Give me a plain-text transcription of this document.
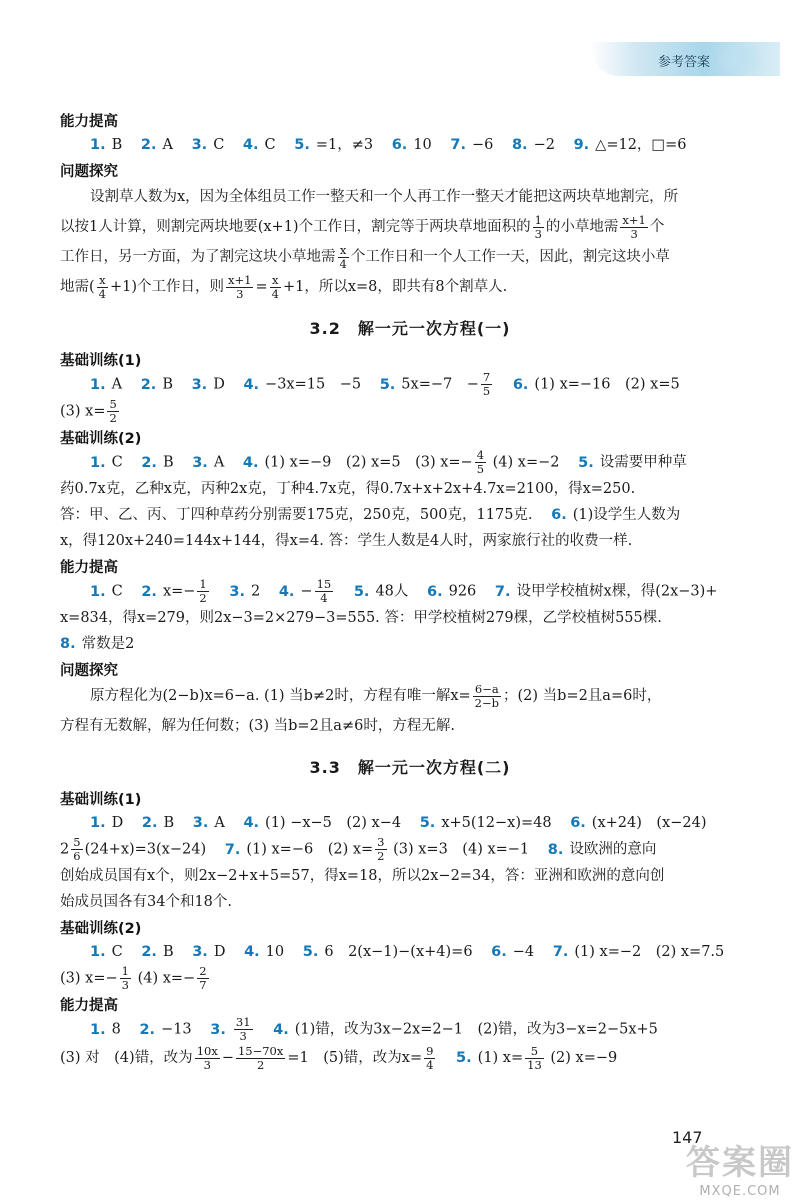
参考答案
能力提高

1. B 2. A 3. C 4. C 5. =1，≠3 6. 10 7. −6 8. −2 9. △=12，□=6

问题探究

设割草人数为x，因为全体组员工作一整天和一个人再工作一整天才能把这两块草地割完，所

以按1人计算，则割完两块地要(x+1)个工作日，割完等于两块草地面积的 $\frac{1}{3}$ 的小草地需 $\frac{x+1}{3}$ 个

工作日，另一方面，为了割完这块小草地需 $\frac{x}{4}$ 个工作日和一个人工作一天，因此，割完这块小草

地需( $\frac{x}{4} +1$)个工作日，则 $\frac{x+1}{3} = \frac{x}{4} +1$，所以x=8，即共有8个割草人.

3.2　解一元一次方程(一)
基础训练(1)

1. A 2. B 3. D 4. −3x=15　−5 5. 5x=−7　− $\frac{7}{5} 6$. (1) x=−16　(2) x=5

(3) $x= \frac{5}{2}$

基础训练(2)

1. C 2. B 3. A 4. (1) x=−9　(2) x=5　(3) $x=- \frac{4}{5} (4)$ x=−2 5. 设需要甲种草

药0.7x克，乙种x克，丙种2x克，丁种4.7x克，得0.7x+x+2x+4.7x=2100，得x=250.

答：甲、乙、丙、丁四种草药分别需要175克，250克，500克，1175克. 6. (1)设学生人数为

x，得120x+240=144x+144，得x=4. 答：学生人数是4人时，两家旅行社的收费一样.

能力提高

1. C 2. $x=- \frac{1}{2} 3$. 2 4. − $\frac{15}{4} 5$. 48人 6. 926 7. 设甲学校植树x棵，得(2x−3)+

x=834，得x=279，则2x−3=2×279−3=555. 答：甲学校植树279棵，乙学校植树555棵.

8. 常数是2

问题探究

原方程化为(2−b)x=6−a. (1) 当b≠2时，方程有唯一解$x= \frac{6-a}{2-b}$ ；(2) 当b=2且a=6时，

方程有无数解，解为任何数；(3) 当b=2且a≠6时，方程无解.

3.3　解一元一次方程(二)
基础训练(1)

1. D 2. B 3. A 4. (1) −x−5　(2) x−4 5. x+5(12−x)=48 6. (x+24)　(x−24)

$2 \frac{5}{6} (24+x)=3(x-24)$ 7. (1) x=−6　(2) $x= \frac{3}{2} (3)$ x=3　(4) x=−1 8. 设欧洲的意向

创始成员国有x个，则2x−2+x+5=57，得x=18，所以2x−2=34，答：亚洲和欧洲的意向创

始成员国各有34个和18个.

基础训练(2)

1. C 2. B 3. D 4. 10 5. 6　2(x−1)−(x+4)=6 6. −4 7. (1) x=−2　(2) x=7.5

(3) $x=- \frac{1}{3} (4)$ $x=- \frac{2}{7}$

能力提高

1. 8 2. −13 3. $\frac{31}{3} 4$. (1)错，改为3x−2x=2−1　(2)错，改为3−x=2−5x+5

(3) 对　(4)错，改为 $\frac{10x}{3} - \frac{15-70x}{2} =1$　(5)错，改为$x= \frac{9}{4} 5$. (1) $x= \frac{5}{13} (2)$ x=−9

147
答案圈
MXQE.COM
